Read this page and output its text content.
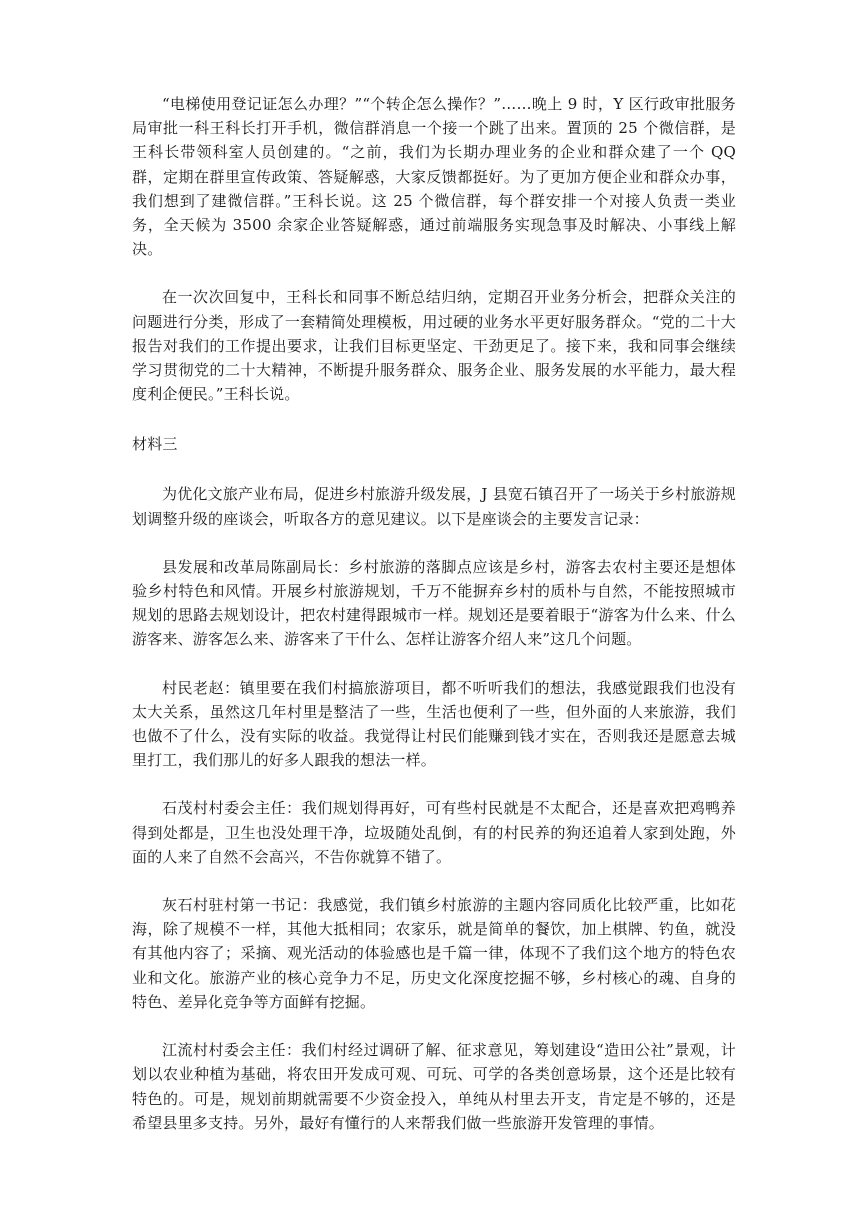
“电梯使用登记证怎么办理？”“个转企怎么操作？”……晚上 9 时，Y 区行政审批服务局审批一科王科长打开手机，微信群消息一个接一个跳了出来。置顶的 25 个微信群，是王科长带领科室人员创建的。“之前，我们为长期办理业务的企业和群众建了一个 QQ 群，定期在群里宣传政策、答疑解惑，大家反馈都挺好。为了更加方便企业和群众办事，我们想到了建微信群。”王科长说。这 25 个微信群，每个群安排一个对接人负责一类业务，全天候为 3500 余家企业答疑解惑，通过前端服务实现急事及时解决、小事线上解决。

在一次次回复中，王科长和同事不断总结归纳，定期召开业务分析会，把群众关注的问题进行分类，形成了一套精简处理模板，用过硬的业务水平更好服务群众。“党的二十大报告对我们的工作提出要求，让我们目标更坚定、干劲更足了。接下来，我和同事会继续学习贯彻党的二十大精神，不断提升服务群众、服务企业、服务发展的水平能力，最大程度利企便民。”王科长说。

材料三

为优化文旅产业布局，促进乡村旅游升级发展，J 县宽石镇召开了一场关于乡村旅游规划调整升级的座谈会，听取各方的意见建议。以下是座谈会的主要发言记录：

县发展和改革局陈副局长：乡村旅游的落脚点应该是乡村，游客去农村主要还是想体验乡村特色和风情。开展乡村旅游规划，千万不能摒弃乡村的质朴与自然，不能按照城市规划的思路去规划设计，把农村建得跟城市一样。规划还是要着眼于“游客为什么来、什么游客来、游客怎么来、游客来了干什么、怎样让游客介绍人来”这几个问题。

村民老赵：镇里要在我们村搞旅游项目，都不听听我们的想法，我感觉跟我们也没有太大关系，虽然这几年村里是整洁了一些，生活也便利了一些，但外面的人来旅游，我们也做不了什么，没有实际的收益。我觉得让村民们能赚到钱才实在，否则我还是愿意去城里打工，我们那儿的好多人跟我的想法一样。

石茂村村委会主任：我们规划得再好，可有些村民就是不太配合，还是喜欢把鸡鸭养得到处都是，卫生也没处理干净，垃圾随处乱倒，有的村民养的狗还追着人家到处跑，外面的人来了自然不会高兴，不告你就算不错了。

灰石村驻村第一书记：我感觉，我们镇乡村旅游的主题内容同质化比较严重，比如花海，除了规模不一样，其他大抵相同；农家乐，就是简单的餐饮，加上棋牌、钓鱼，就没有其他内容了；采摘、观光活动的体验感也是千篇一律，体现不了我们这个地方的特色农业和文化。旅游产业的核心竞争力不足，历史文化深度挖掘不够，乡村核心的魂、自身的特色、差异化竞争等方面鲜有挖掘。

江流村村委会主任：我们村经过调研了解、征求意见，筹划建设“造田公社”景观，计划以农业种植为基础，将农田开发成可观、可玩、可学的各类创意场景，这个还是比较有特色的。可是，规划前期就需要不少资金投入，单纯从村里去开支，肯定是不够的，还是希望县里多支持。另外，最好有懂行的人来帮我们做一些旅游开发管理的事情。
